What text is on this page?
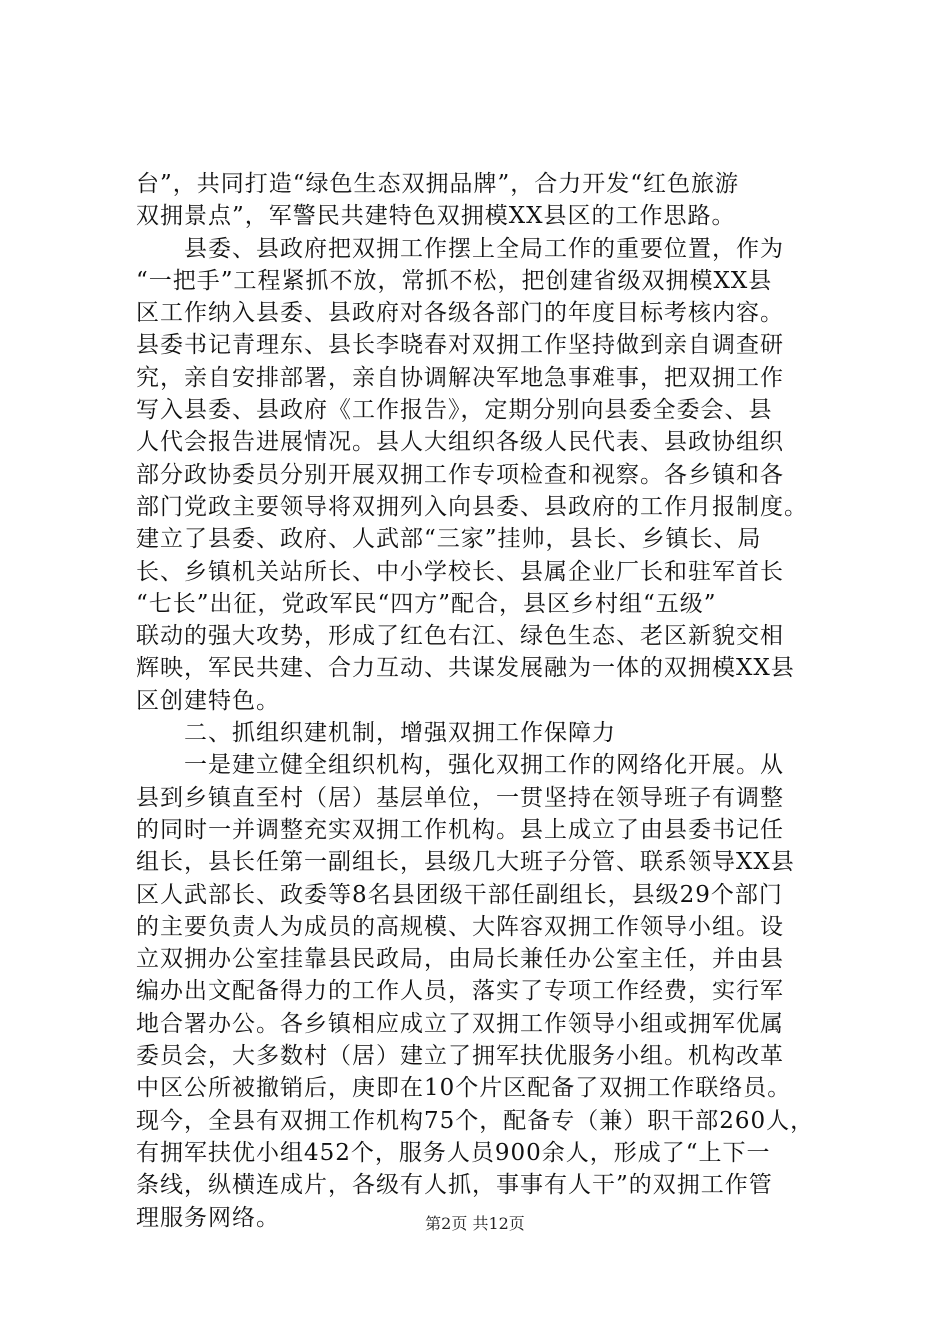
台”，共同打造“绿色生态双拥品牌”，合力开发“红色旅游
双拥景点”，军警民共建特色双拥模XX县区的工作思路。
　　县委、县政府把双拥工作摆上全局工作的重要位置，作为
“一把手”工程紧抓不放，常抓不松，把创建省级双拥模XX县
区工作纳入县委、县政府对各级各部门的年度目标考核内容。
县委书记青理东、县长李晓春对双拥工作坚持做到亲自调查研
究，亲自安排部署，亲自协调解决军地急事难事，把双拥工作
写入县委、县政府《工作报告》，定期分别向县委全委会、县
人代会报告进展情况。县人大组织各级人民代表、县政协组织
部分政协委员分别开展双拥工作专项检查和视察。各乡镇和各
部门党政主要领导将双拥列入向县委、县政府的工作月报制度。
建立了县委、政府、人武部“三家”挂帅，县长、乡镇长、局
长、乡镇机关站所长、中小学校长、县属企业厂长和驻军首长
“七长”出征，党政军民“四方”配合，县区乡村组“五级”
联动的强大攻势，形成了红色右江、绿色生态、老区新貌交相
辉映，军民共建、合力互动、共谋发展融为一体的双拥模XX县
区创建特色。
　　二、抓组织建机制，增强双拥工作保障力
　　一是建立健全组织机构，强化双拥工作的网络化开展。从
县到乡镇直至村（居）基层单位，一贯坚持在领导班子有调整
的同时一并调整充实双拥工作机构。县上成立了由县委书记任
组长，县长任第一副组长，县级几大班子分管、联系领导XX县
区人武部长、政委等8名县团级干部任副组长，县级29个部门
的主要负责人为成员的高规模、大阵容双拥工作领导小组。设
立双拥办公室挂靠县民政局，由局长兼任办公室主任，并由县
编办出文配备得力的工作人员，落实了专项工作经费，实行军
地合署办公。各乡镇相应成立了双拥工作领导小组或拥军优属
委员会，大多数村（居）建立了拥军扶优服务小组。机构改革
中区公所被撤销后，庚即在10个片区配备了双拥工作联络员。
现今，全县有双拥工作机构75个，配备专（兼）职干部260人，
有拥军扶优小组452个，服务人员900余人，形成了“上下一
条线，纵横连成片，各级有人抓，事事有人干”的双拥工作管
理服务网络。	第2页 共12页
